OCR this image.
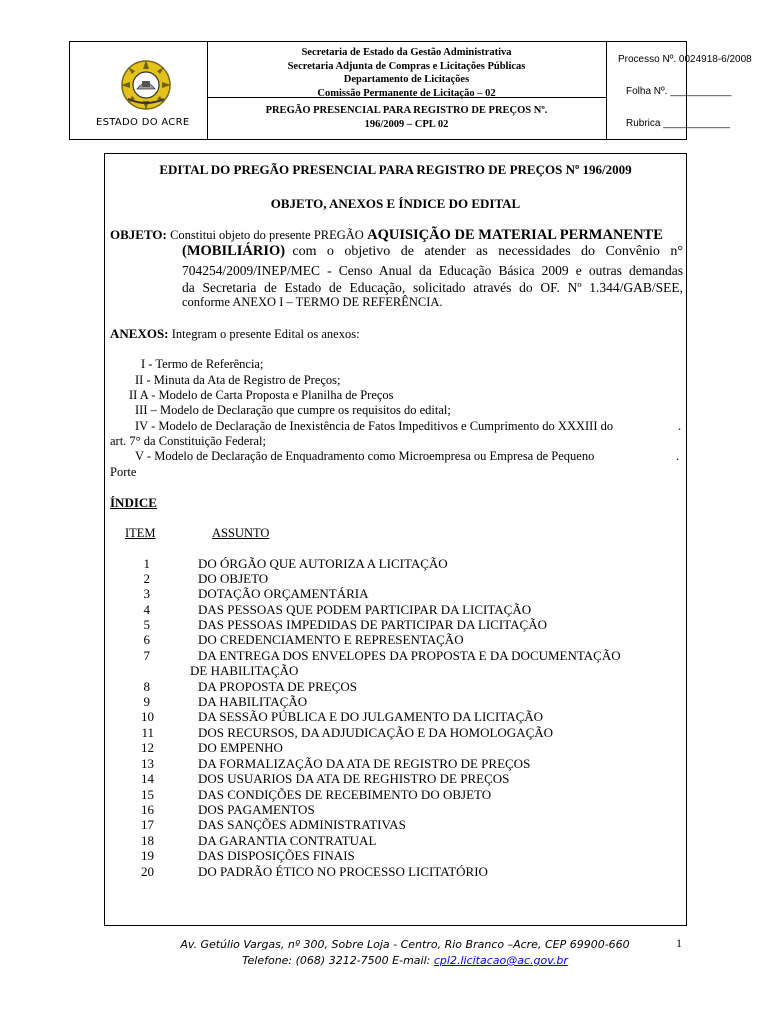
ESTADO DO ACRE
Secretaria de Estado da Gestão Administrativa
Secretaria Adjunta de Compras e Licitações Públicas
Departamento de Licitações
Comissão Permanente de Licitação – 02
PREGÃO PRESENCIAL PARA REGISTRO DE PREÇOS Nº.
196/2009 – CPL 02
Processo Nº. 0024918-6/2008
Folha Nº. ___________
Rubrica ____________
EDITAL DO PREGÃO PRESENCIAL PARA REGISTRO DE PREÇOS Nº 196/2009
OBJETO, ANEXOS E ÍNDICE DO EDITAL
OBJETO: Constitui objeto do presente PREGÃO AQUISIÇÃO DE MATERIAL PERMANENTE
(MOBILIÁRIO) com o objetivo de atender as necessidades do Convênio n°
704254/2009/INEP/MEC - Censo Anual da Educação Básica 2009 e outras demandas
da Secretaria de Estado de Educação, solicitado através do OF. Nº 1.344/GAB/SEE,
conforme ANEXO I – TERMO DE REFERÊNCIA.
ANEXOS: Integram o presente Edital os anexos:
I - Termo de Referência;
II - Minuta da Ata de Registro de Preços;
II A - Modelo de Carta Proposta e Planilha de Preços
III – Modelo de Declaração que cumpre os requisitos do edital;
IV - Modelo de Declaração de Inexistência de Fatos Impeditivos e Cumprimento do XXXIII do	.
art. 7° da Constituição Federal;
V - Modelo de Declaração de Enquadramento como Microempresa ou Empresa de Pequeno	.
Porte
ÍNDICE
ITEM	ASSUNTO
1	DO ÓRGÃO QUE AUTORIZA A LICITAÇÃO
2	DO OBJETO
3	DOTAÇÃO ORÇAMENTÁRIA
4	DAS PESSOAS QUE PODEM PARTICIPAR DA LICITAÇÃO
5	DAS PESSOAS IMPEDIDAS DE PARTICIPAR DA LICITAÇÃO
6	DO CREDENCIAMENTO E REPRESENTAÇÃO
7	DA ENTREGA DOS ENVELOPES DA PROPOSTA E DA DOCUMENTAÇÃO
DE HABILITAÇÃO
8	DA PROPOSTA DE PREÇOS
9	DA HABILITAÇÃO
10	DA SESSÃO PÚBLICA E DO JULGAMENTO DA LICITAÇÃO
11	DOS RECURSOS, DA ADJUDICAÇÃO E DA HOMOLOGAÇÃO
12	DO EMPENHO
13	DA FORMALIZAÇÃO DA ATA DE REGISTRO DE PREÇOS
14	DOS USUARIOS DA ATA DE REGHISTRO DE PREÇOS
15	DAS CONDIÇÕES DE RECEBIMENTO DO OBJETO
16	DOS PAGAMENTOS
17	DAS SANÇÕES ADMINISTRATIVAS
18	DA GARANTIA CONTRATUAL
19	DAS DISPOSIÇÕES FINAIS
20	DO PADRÃO ÉTICO NO PROCESSO LICITATÓRIO
Av. Getúlio Vargas, nº 300, Sobre Loja - Centro, Rio Branco –Acre, CEP 69900-660
Telefone: (068) 3212-7500 E-mail: cpl2.licitacao@ac.gov.br
1
